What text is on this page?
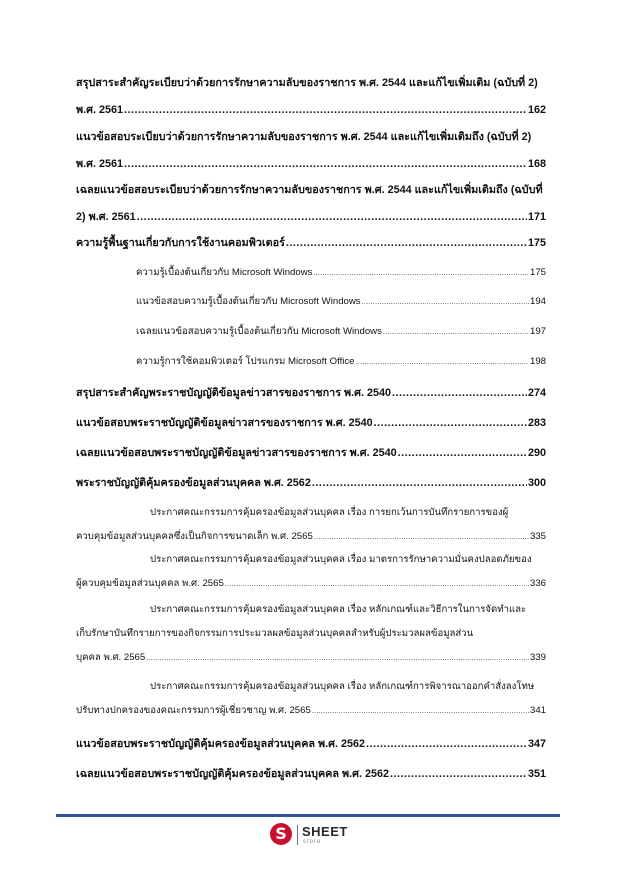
สรุปสาระสำคัญระเบียบว่าด้วยการรักษาความลับของราชการ พ.ศ. 2544 และแก้ไขเพิ่มเติม (ฉบับที่ 2)
พ.ศ. 2561 .....	162
แนวข้อสอบระเบียบว่าด้วยการรักษาความลับของราชการ พ.ศ. 2544 และแก้ไขเพิ่มเติมถึง (ฉบับที่ 2)
พ.ศ. 2561 .....	168
เฉลยแนวข้อสอบระเบียบว่าด้วยการรักษาความลับของราชการ พ.ศ. 2544 และแก้ไขเพิ่มเติมถึง (ฉบับที่
2) พ.ศ. 2561 .....	171
ความรู้พื้นฐานเกี่ยวกับการใช้งานคอมพิวเตอร์ .....	175
ความรู้เบื้องต้นเกี่ยวกับ Microsoft Windows .....	175
แนวข้อสอบความรู้เบื้องต้นเกี่ยวกับ Microsoft Windows .....	194
เฉลยแนวข้อสอบความรู้เบื้องต้นเกี่ยวกับ Microsoft Windows .....	197
ความรู้การใช้คอมพิวเตอร์ โปรแกรม Microsoft Office .....	198
สรุปสาระสำคัญพระราชบัญญัติข้อมูลข่าวสารของราชการ พ.ศ. 2540 .....	274
แนวข้อสอบพระราชบัญญัติข้อมูลข่าวสารของราชการ พ.ศ. 2540 .....	283
เฉลยแนวข้อสอบพระราชบัญญัติข้อมูลข่าวสารของราชการ พ.ศ. 2540 .....	290
พระราชบัญญัติคุ้มครองข้อมูลส่วนบุคคล พ.ศ. 2562 .....	300
ประกาศคณะกรรมการคุ้มครองข้อมูลส่วนบุคคล เรื่อง การยกเว้นการบันทึกรายการของผู้
ควบคุมข้อมูลส่วนบุคคลซึ่งเป็นกิจการขนาดเล็ก พ.ศ. 2565 .....	335
ประกาศคณะกรรมการคุ้มครองข้อมูลส่วนบุคคล เรื่อง มาตรการรักษาความมั่นคงปลอดภัยของ
ผู้ควบคุมข้อมูลส่วนบุคคล พ.ศ. 2565 .....	336
ประกาศคณะกรรมการคุ้มครองข้อมูลส่วนบุคคล เรื่อง หลักเกณฑ์และวิธีการในการจัดทำและ
เก็บรักษาบันทึกรายการของกิจกรรมการประมวลผลข้อมูลส่วนบุคคลสำหรับผู้ประมวลผลข้อมูลส่วน
บุคคล พ.ศ. 2565 .....	339
ประกาศคณะกรรมการคุ้มครองข้อมูลส่วนบุคคล เรื่อง หลักเกณฑ์การพิจารณาออกคำสั่งลงโทษ
ปรับทางปกครองของคณะกรรมการผู้เชี่ยวชาญ พ.ศ. 2565 .....	341
แนวข้อสอบพระราชบัญญัติคุ้มครองข้อมูลส่วนบุคคล พ.ศ. 2562 .....	347
เฉลยแนวข้อสอบพระราชบัญญัติคุ้มครองข้อมูลส่วนบุคคล พ.ศ. 2562 .....	351
S	SHEET
store
